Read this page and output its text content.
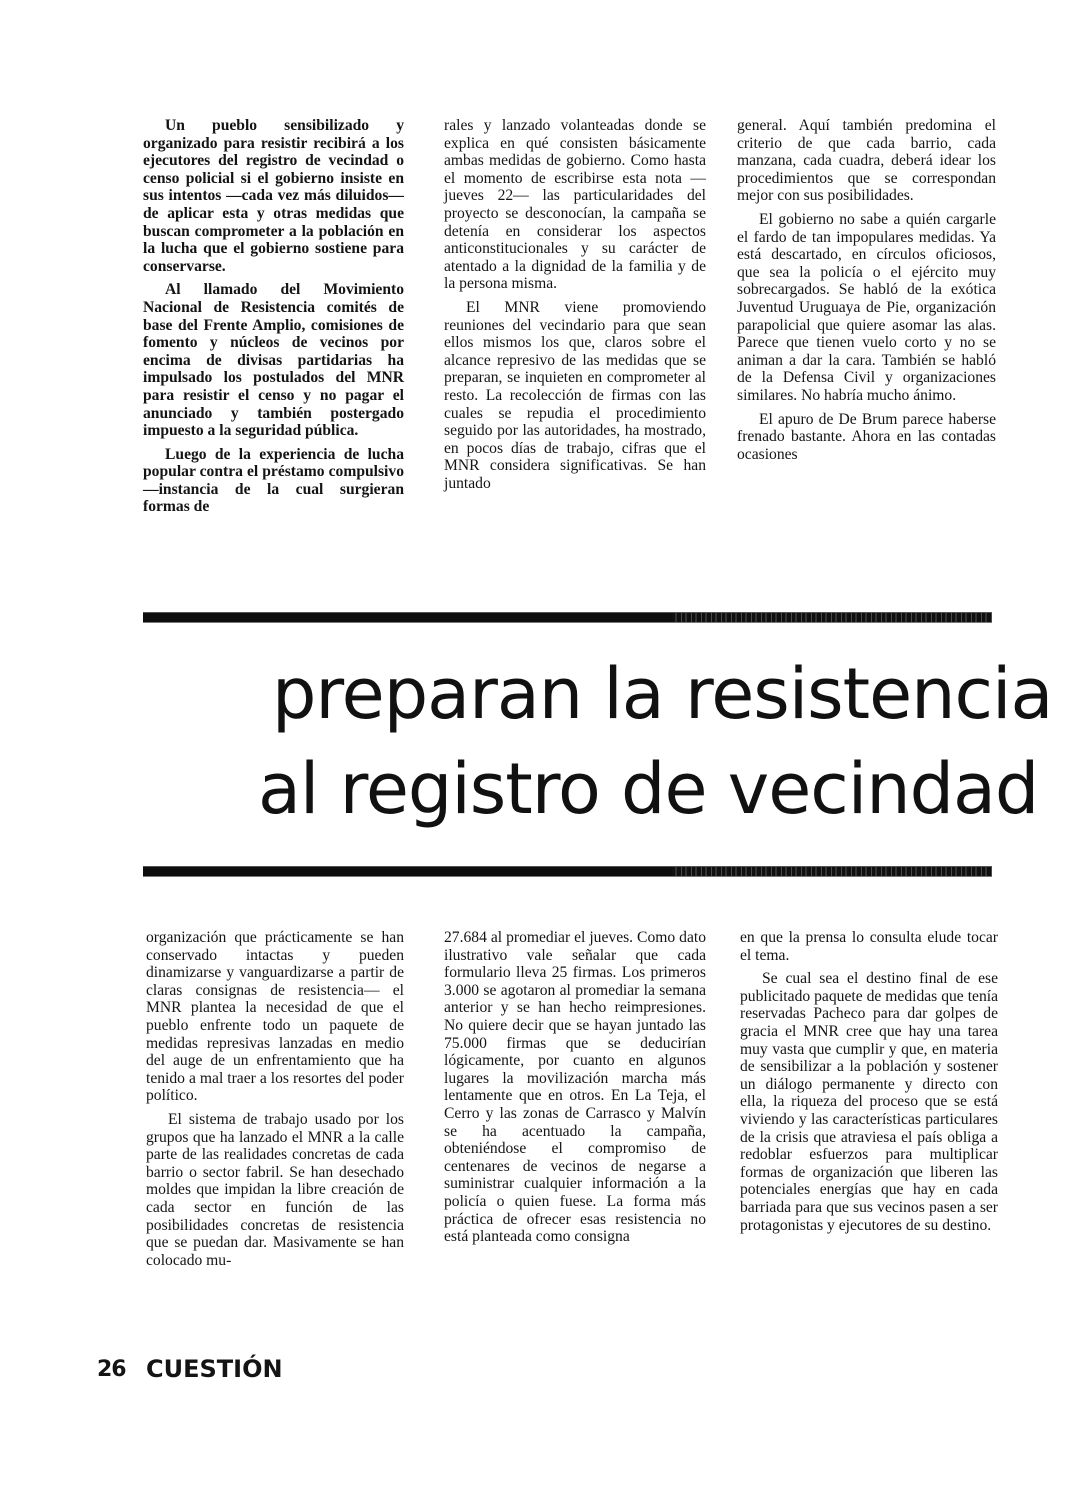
Un pueblo sensibilizado y organizado para resistir recibirá a los ejecutores del registro de vecindad o censo policial si el gobierno insiste en sus intentos —cada vez más diluidos— de aplicar esta y otras medidas que buscan comprometer a la población en la lucha que el gobierno sostiene para conservarse.

Al llamado del Movimiento Nacional de Resistencia comités de base del Frente Amplio, comisiones de fomento y núcleos de vecinos por encima de divisas partidarias ha impulsado los postulados del MNR para resistir el censo y no pagar el anunciado y también postergado impuesto a la seguridad pública.

Luego de la experiencia de lucha popular contra el préstamo compulsivo —instancia de la cual surgieran formas de

rales y lanzado volanteadas donde se explica en qué consisten básicamente ambas medidas de gobierno. Como hasta el momento de escribirse esta nota —jueves 22— las particularidades del proyecto se desconocían, la campaña se detenía en considerar los aspectos anticonstitucionales y su carácter de atentado a la dignidad de la familia y de la persona misma.

El MNR viene promoviendo reuniones del vecindario para que sean ellos mismos los que, claros sobre el alcance represivo de las medidas que se preparan, se inquieten en comprometer al resto. La recolección de firmas con las cuales se repudia el procedimiento seguido por las autoridades, ha mostrado, en pocos días de trabajo, cifras que el MNR considera significativas. Se han juntado

general. Aquí también predomina el criterio de que cada barrio, cada manzana, cada cuadra, deberá idear los procedimientos que se correspondan mejor con sus posibilidades.

El gobierno no sabe a quién cargarle el fardo de tan impopulares medidas. Ya está descartado, en círculos oficiosos, que sea la policía o el ejército muy sobrecargados. Se habló de la exótica Juventud Uruguaya de Pie, organización parapolicial que quiere asomar las alas. Parece que tienen vuelo corto y no se animan a dar la cara. También se habló de la Defensa Civil y organizaciones similares. No habría mucho ánimo.

El apuro de De Brum parece haberse frenado bastante. Ahora en las contadas ocasiones

preparan la resistencia
al registro de vecindad

organización que prácticamente se han conservado intactas y pueden dinamizarse y vanguardizarse a partir de claras consignas de resistencia— el MNR plantea la necesidad de que el pueblo enfrente todo un paquete de medidas represivas lanzadas en medio del auge de un enfrentamiento que ha tenido a mal traer a los resortes del poder político.

El sistema de trabajo usado por los grupos que ha lanzado el MNR a la calle parte de las realidades concretas de cada barrio o sector fabril. Se han desechado moldes que impidan la libre creación de cada sector en función de las posibilidades concretas de resistencia que se puedan dar. Masivamente se han colocado mu-

27.684 al promediar el jueves. Como dato ilustrativo vale señalar que cada formulario lleva 25 firmas. Los primeros 3.000 se agotaron al promediar la semana anterior y se han hecho reimpresiones. No quiere decir que se hayan juntado las 75.000 firmas que se deducirían lógicamente, por cuanto en algunos lugares la movilización marcha más lentamente que en otros. En La Teja, el Cerro y las zonas de Carrasco y Malvín se ha acentuado la campaña, obteniéndose el compromiso de centenares de vecinos de negarse a suministrar cualquier información a la policía o quien fuese. La forma más práctica de ofrecer esas resistencia no está planteada como consigna

en que la prensa lo consulta elude tocar el tema.

Se cual sea el destino final de ese publicitado paquete de medidas que tenía reservadas Pacheco para dar golpes de gracia el MNR cree que hay una tarea muy vasta que cumplir y que, en materia de sensibilizar a la población y sostener un diálogo permanente y directo con ella, la riqueza del proceso que se está viviendo y las características particulares de la crisis que atraviesa el país obliga a redoblar esfuerzos para multiplicar formas de organización que liberen las potenciales energías que hay en cada barriada para que sus vecinos pasen a ser protagonistas y ejecutores de su destino.

26 CUESTIÓN
